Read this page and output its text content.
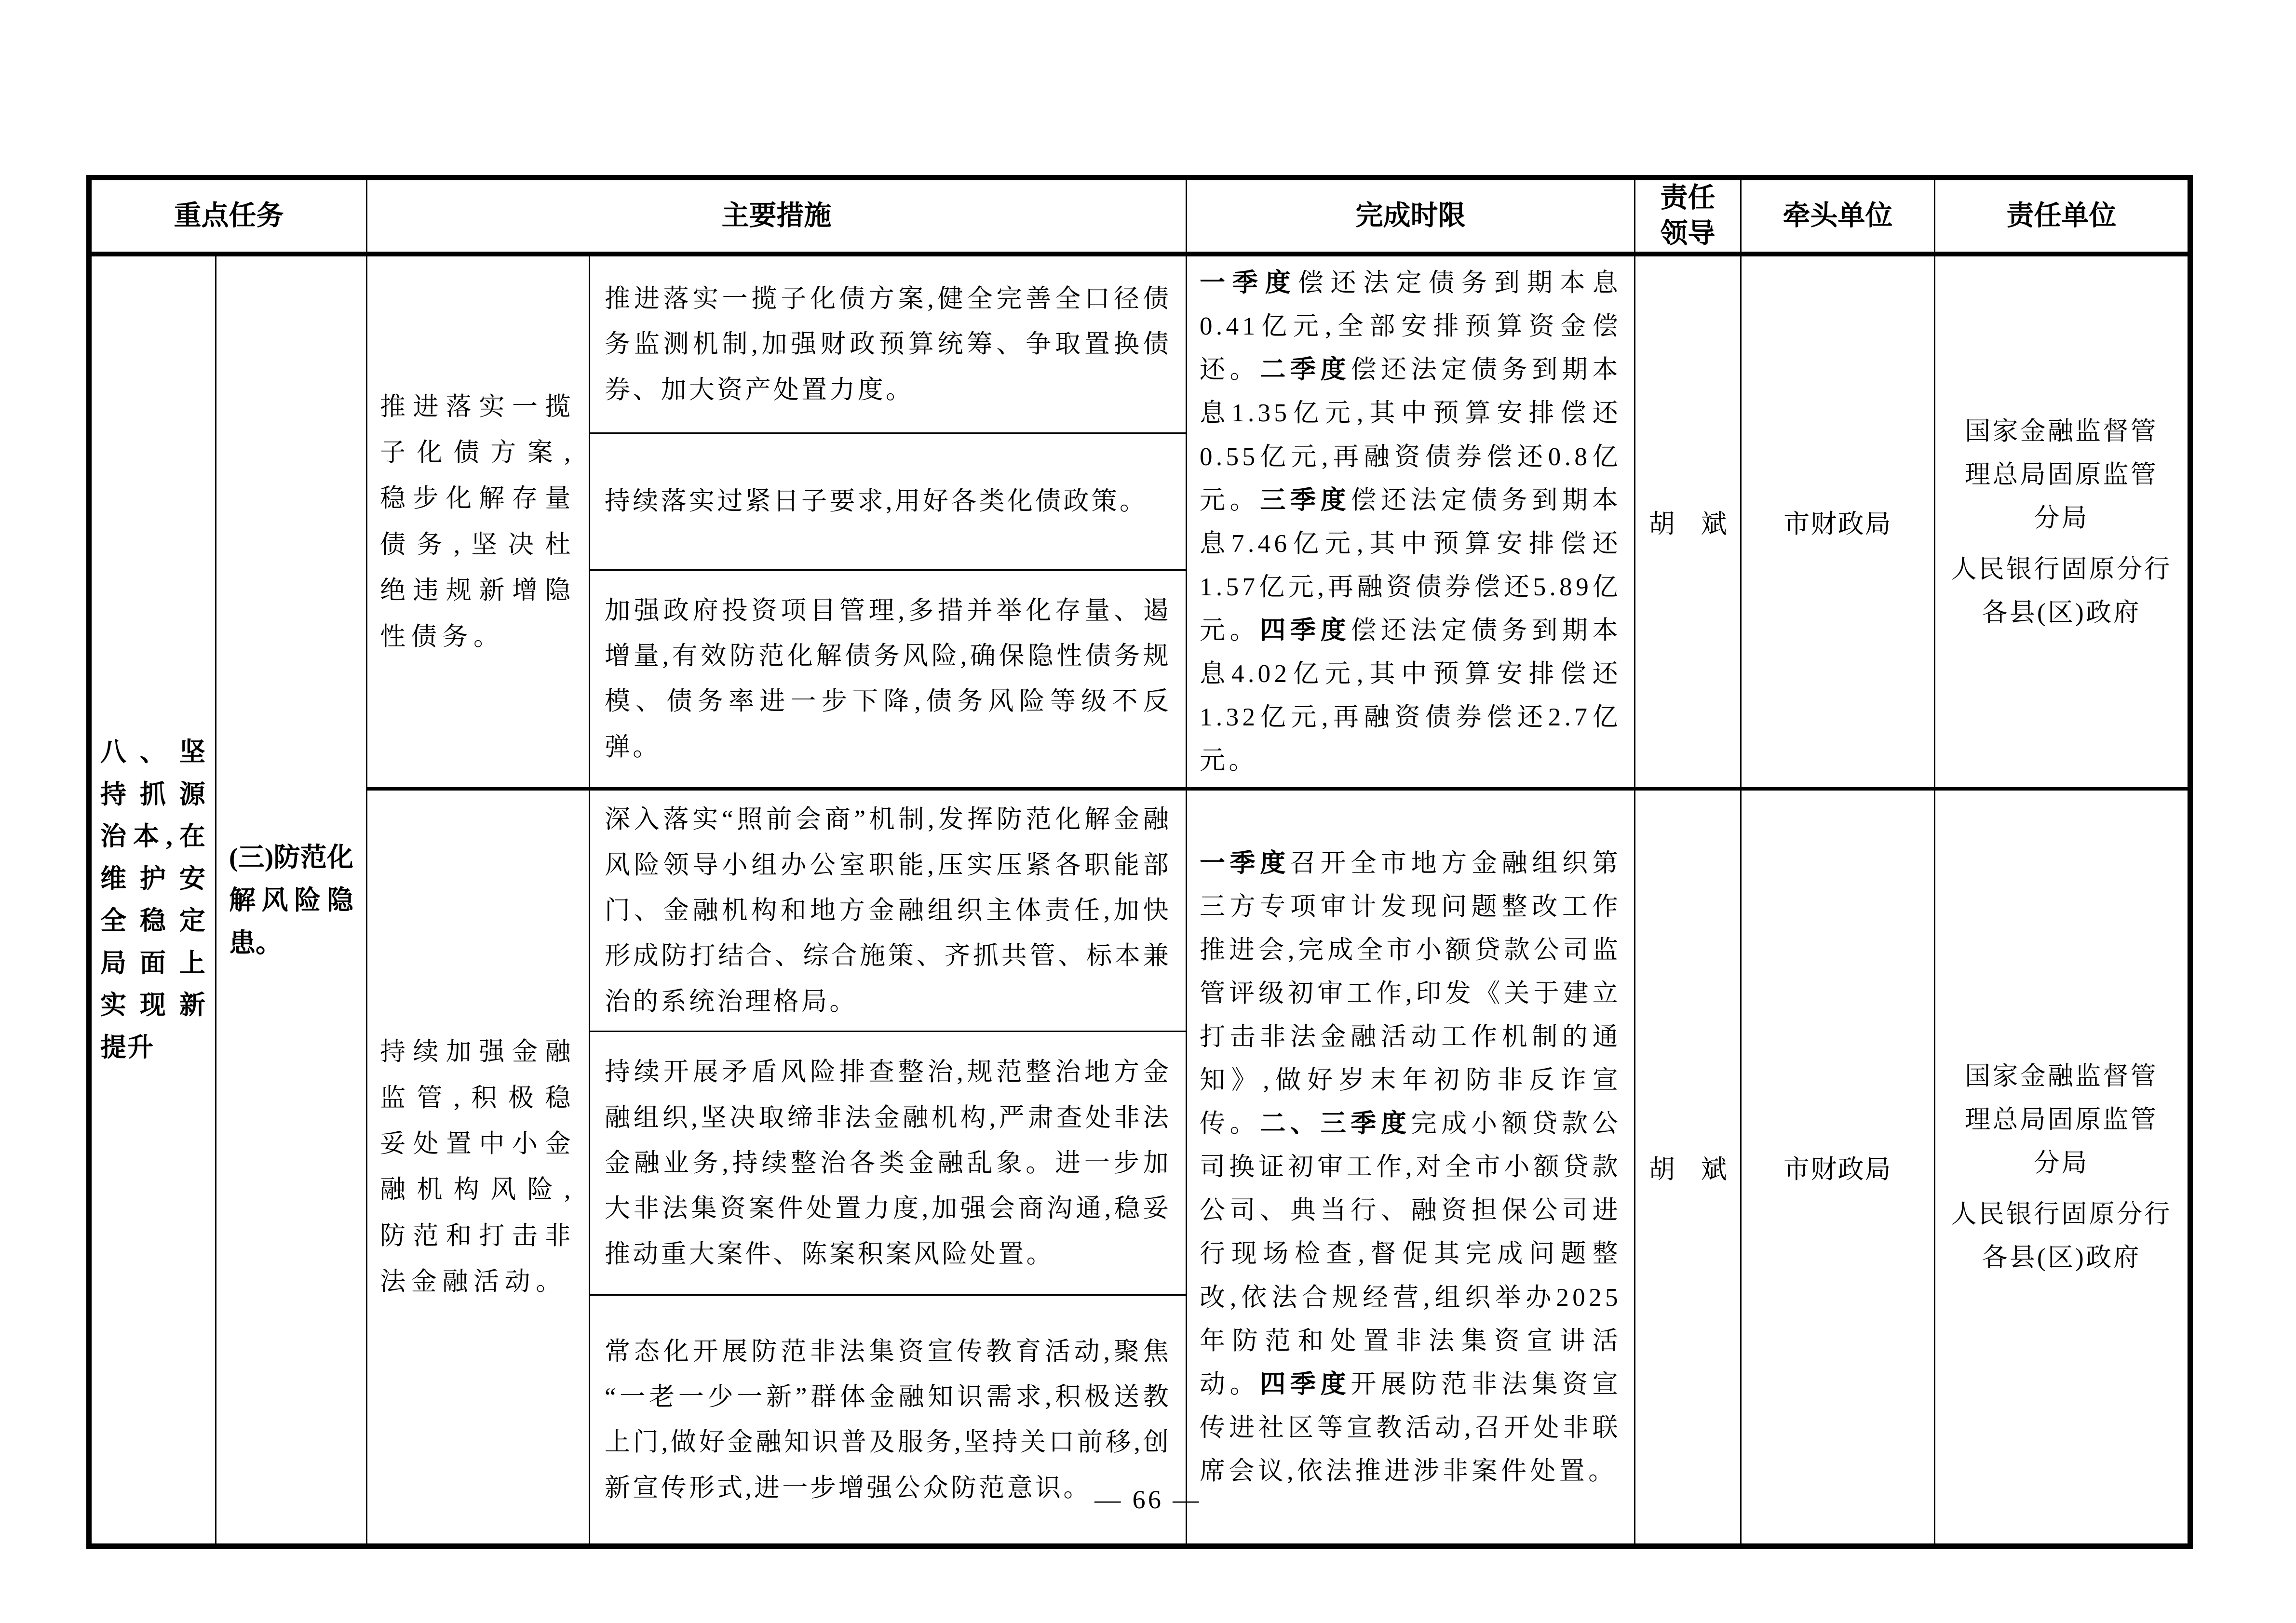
重点任务		主要措施		完成时限	责任领导	牵头单位	责任单位
八、坚持抓源治本,在维护安全稳定局面上实现新提升	(三)防范化解风险隐患。	推进落实一揽子化债方案,稳步化解存量债务,坚决杜绝违规新增隐性债务。	推进落实一揽子化债方案,健全完善全口径债务监测机制,加强财政预算统筹、争取置换债券、加大资产处置力度。	一季度偿还法定债务到期本息0.41亿元,全部安排预算资金偿还。二季度偿还法定债务到期本息1.35亿元,其中预算安排偿还0.55亿元,再融资债券偿还0.8亿元。三季度偿还法定债务到期本息7.46亿元,其中预算安排偿还1.57亿元,再融资债券偿还5.89亿元。四季度偿还法定债务到期本息4.02亿元,其中预算安排偿还1.32亿元,再融资债券偿还2.7亿元。	胡　斌	市财政局	国家金融监督管理总局固原监管分局
人民银行固原分行
各县(区)政府

			持续落实过紧日子要求,用好各类化债政策。				
			加强政府投资项目管理,多措并举化存量、遏增量,有效防范化解债务风险,确保隐性债务规模、债务率进一步下降,债务风险等级不反弹。				
持续加强金融监管,积极稳妥处置中小金融机构风险,防范和打击非法金融活动。	深入落实“照前会商”机制,发挥防范化解金融风险领导小组办公室职能,压实压紧各职能部门、金融机构和地方金融组织主体责任,加快形成防打结合、综合施策、齐抓共管、标本兼治的系统治理格局。	一季度召开全市地方金融组织第三方专项审计发现问题整改工作推进会,完成全市小额贷款公司监管评级初审工作,印发《关于建立打击非法金融活动工作机制的通知》,做好岁末年初防非反诈宣传。二、三季度完成小额贷款公司换证初审工作,对全市小额贷款公司、典当行、融资担保公司进行现场检查,督促其完成问题整改,依法合规经营,组织举办2025年防范和处置非法集资宣讲活动。四季度开展防范非法集资宣传进社区等宣教活动,召开处非联席会议,依法推进涉非案件处置。	胡　斌	市财政局	
国家金融监督管理总局固原监管分局
人民银行固原分行
各县(区)政府

			持续开展矛盾风险排查整治,规范整治地方金融组织,坚决取缔非法金融机构,严肃查处非法金融业务,持续整治各类金融乱象。进一步加大非法集资案件处置力度,加强会商沟通,稳妥推动重大案件、陈案积案风险处置。				
			常态化开展防范非法集资宣传教育活动,聚焦“一老一少一新”群体金融知识需求,积极送教上门,做好金融知识普及服务,坚持关口前移,创新宣传形式,进一步增强公众防范意识。				— 66 —
